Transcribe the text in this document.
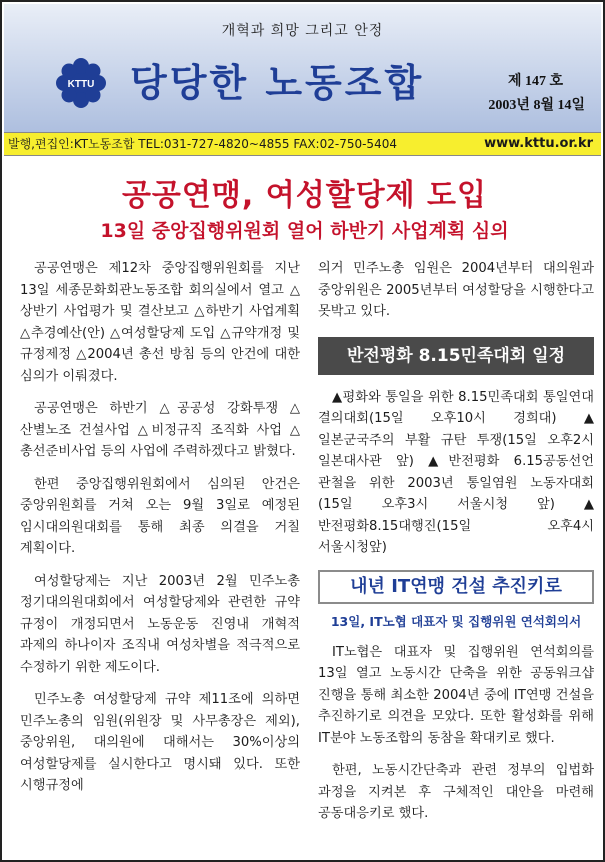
개혁과 희망 그리고 안정
KTTU 당당한 노동조합	제 147 호
2003년 8월 14일
발행,편집인:KT노동조합 TEL:031-727-4820~4855 FAX:02-750-5404	www.kttu.or.kr
공공연맹, 여성할당제 도입
13일 중앙집행위원회 열어 하반기 사업계획 심의

공공연맹은 제12차 중앙집행위원회를 지난 13일 세종문화회관노동조합 회의실에서 열고 △상반기 사업평가 및 결산보고 △하반기 사업계획 △추경예산(안) △여성할당제 도입 △규약개정 및 규정제정 △2004년 총선 방침 등의 안건에 대한 심의가 이뤄졌다.

공공연맹은 하반기 △공공성 강화투쟁 △산별노조 건설사업 △비정규직 조직화 사업 △총선준비사업 등의 사업에 주력하겠다고 밝혔다.

한편 중앙집행위원회에서 심의된 안건은 중앙위원회를 거쳐 오는 9월 3일로 예정된 임시대의원대회를 통해 최종 의결을 거칠 계획이다.

여성할당제는 지난 2003년 2월 민주노총 정기대의원대회에서 여성할당제와 관련한 규약 규정이 개정되면서 노동운동 진영내 개혁적 과제의 하나이자 조직내 여성차별을 적극적으로 수정하기 위한 제도이다.

민주노총 여성할당제 규약 제11조에 의하면 민주노총의 임원(위원장 및 사무총장은 제외), 중앙위원, 대의원에 대해서는 30%이상의 여성할당제를 실시한다고 명시돼 있다. 또한 시행규정에

의거 민주노총 임원은 2004년부터 대의원과 중앙위원은 2005년부터 여성할당을 시행한다고 못박고 있다.

반전평화 8.15민족대회 일정

▲평화와 통일을 위한 8.15민족대회 통일연대 결의대회(15일 오후10시 경희대) ▲일본군국주의 부활 규탄 투쟁(15일 오후2시 일본대사관 앞) ▲반전평화 6.15공동선언 관철을 위한 2003년 통일염원 노동자대회(15일 오후3시 서울시청 앞) ▲반전평화8.15대행진(15일 오후4시 서울시청앞)

내년 IT연맹 건설 추진키로
13일, IT노협 대표자 및 집행위원 연석회의서

IT노협은 대표자 및 집행위원 연석회의를 13일 열고 노동시간 단축을 위한 공동워크샵 진행을 통해 최소한 2004년 중에 IT연맹 건설을 추진하기로 의견을 모았다. 또한 활성화를 위해 IT분야 노동조합의 동참을 확대키로 했다.

한편, 노동시간단축과 관련 정부의 입법화 과정을 지켜본 후 구체적인 대안을 마련해 공동대응키로 했다.
